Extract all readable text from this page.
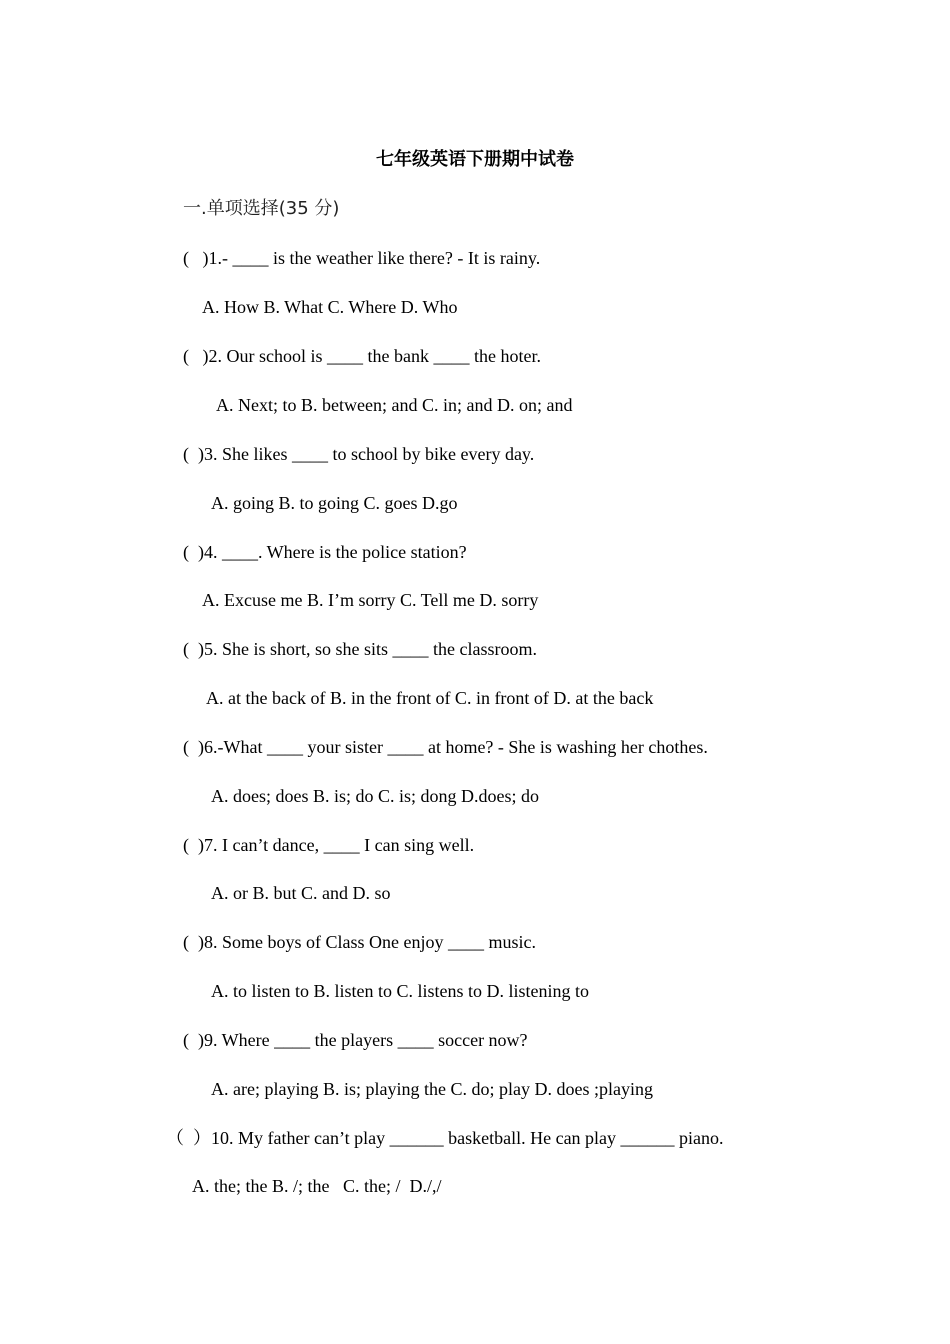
七年级英语下册期中试卷
一.单项选择(35 分)
(   )1.- ____ is the weather like there? - It is rainy.
A. How B. What C. Where D. Who
(   )2. Our school is ____ the bank ____ the hoter.
A. Next; to B. between; and C. in; and D. on; and
(  )3. She likes ____ to school by bike every day.
A. going B. to going C. goes D.go
(  )4. ____. Where is the police station?
A. Excuse me B. I’m sorry C. Tell me D. sorry
(  )5. She is short, so she sits ____ the classroom.
A. at the back of B. in the front of C. in front of D. at the back
(  )6.-What ____ your sister ____ at home? - She is washing her chothes.
A. does; does B. is; do C. is; dong D.does; do
(  )7. I can’t dance, ____ I can sing well.
A. or B. but C. and D. so
(  )8. Some boys of Class One enjoy ____ music.
A. to listen to B. listen to C. listens to D. listening to
(  )9. Where ____ the players ____ soccer now?
A. are; playing B. is; playing the C. do; play D. does ;playing
（  ）10. My father can’t play ______ basketball. He can play ______ piano.
A. the; the B. /; the   C. the; /  D./,/
